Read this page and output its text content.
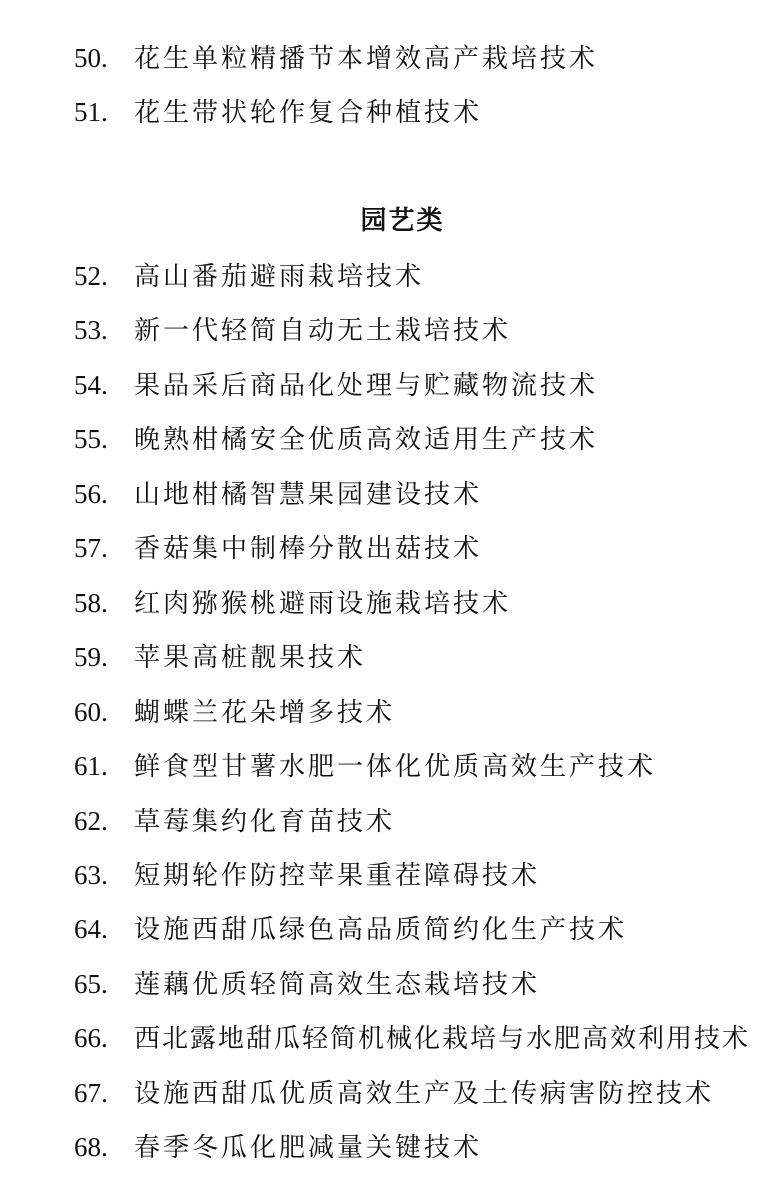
50. 花生单粒精播节本增效高产栽培技术
51. 花生带状轮作复合种植技术
园艺类
52. 高山番茄避雨栽培技术
53. 新一代轻简自动无土栽培技术
54. 果品采后商品化处理与贮藏物流技术
55. 晚熟柑橘安全优质高效适用生产技术
56. 山地柑橘智慧果园建设技术
57. 香菇集中制棒分散出菇技术
58. 红肉猕猴桃避雨设施栽培技术
59. 苹果高桩靓果技术
60. 蝴蝶兰花朵增多技术
61. 鲜食型甘薯水肥一体化优质高效生产技术
62. 草莓集约化育苗技术
63. 短期轮作防控苹果重茬障碍技术
64. 设施西甜瓜绿色高品质简约化生产技术
65. 莲藕优质轻简高效生态栽培技术
66. 西北露地甜瓜轻简机械化栽培与水肥高效利用技术
67. 设施西甜瓜优质高效生产及土传病害防控技术
68. 春季冬瓜化肥减量关键技术
